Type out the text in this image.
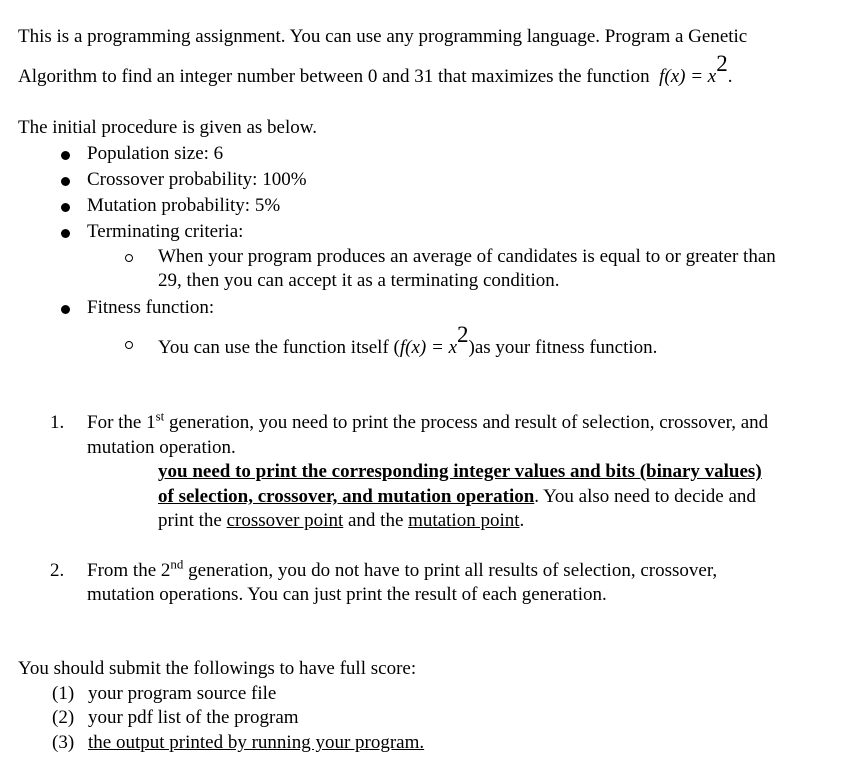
This is a programming assignment. You can use any programming language. Program a Genetic
Algorithm to find an integer number between 0 and 31 that maximizes the function f(x) = x2.
The initial procedure is given as below.
Population size: 6
Crossover probability: 100%
Mutation probability: 5%
Terminating criteria:
When your program produces an average of candidates is equal to or greater than
29, then you can accept it as a terminating condition.
Fitness function:
You can use the function itself (f(x) = x2)as your fitness function.
1. For the 1st generation, you need to print the process and result of selection, crossover, and
mutation operation.
you need to print the corresponding integer values and bits (binary values)
of selection, crossover, and mutation operation. You also need to decide and
print the crossover point and the mutation point.
2. From the 2nd generation, you do not have to print all results of selection, crossover,
mutation operations. You can just print the result of each generation.
You should submit the followings to have full score:
(1) your program source file
(2) your pdf list of the program
(3) the output printed by running your program.
